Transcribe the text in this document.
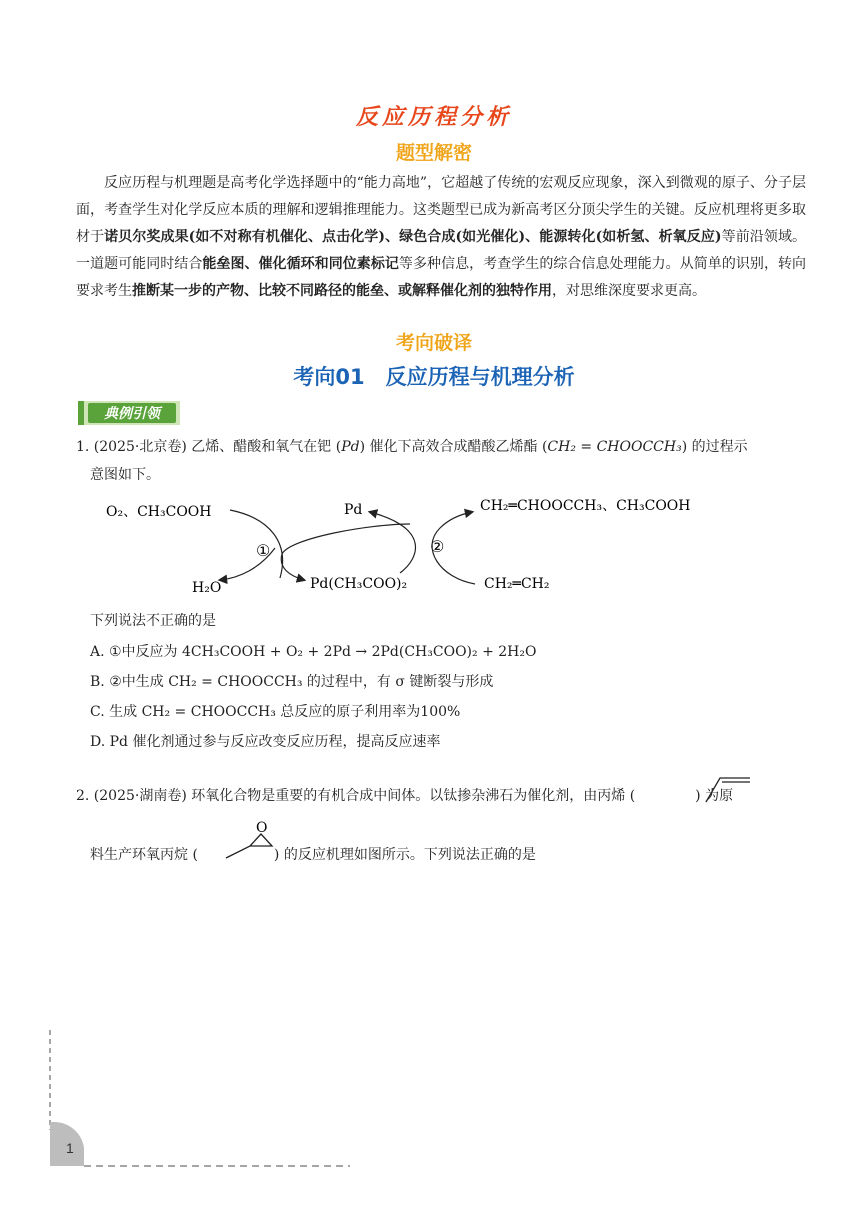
反应历程分析
题型解密
反应历程与机理题是高考化学选择题中的“能力高地”，它超越了传统的宏观反应现象，深入到微观的原子、分子层面，考查学生对化学反应本质的理解和逻辑推理能力。这类题型已成为新高考区分顶尖学生的关键。反应机理将更多取材于诺贝尔奖成果(如不对称有机催化、点击化学)、绿色合成(如光催化)、能源转化(如析氢、析氧反应)等前沿领域。一道题可能同时结合能垒图、催化循环和同位素标记等多种信息，考查学生的综合信息处理能力。从简单的识别，转向要求考生推断某一步的产物、比较不同路径的能垒、或解释催化剂的独特作用，对思维深度要求更高。
考向破译
考向01　反应历程与机理分析
典例引领
1. (2025·北京卷) 乙烯、醋酸和氧气在钯 (Pd) 催化下高效合成醋酸乙烯酯 (CH₂ = CHOOCCH₃) 的过程示
意图如下。
O₂、CH₃COOH	Pd
H₂O	Pd(CH₃COO)₂
CH₂═CHOOCCH₃、CH₃COOH
CH₂═CH₂
①	②
下列说法不正确的是
A. ①中反应为 4CH₃COOH + O₂ + 2Pd → 2Pd(CH₃COO)₂ + 2H₂O
B. ②中生成 CH₂ = CHOOCCH₃ 的过程中，有 σ 键断裂与形成
C. 生成 CH₂ = CHOOCCH₃ 总反应的原子利用率为100%
D. Pd 催化剂通过参与反应改变反应历程，提高反应速率
2. (2025·湖南卷) 环氧化合物是重要的有机合成中间体。以钛掺杂沸石为催化剂，由丙烯 (	) 为原
料生产环氧丙烷 (	) 的反应机理如图所示。下列说法正确的是
O
1
